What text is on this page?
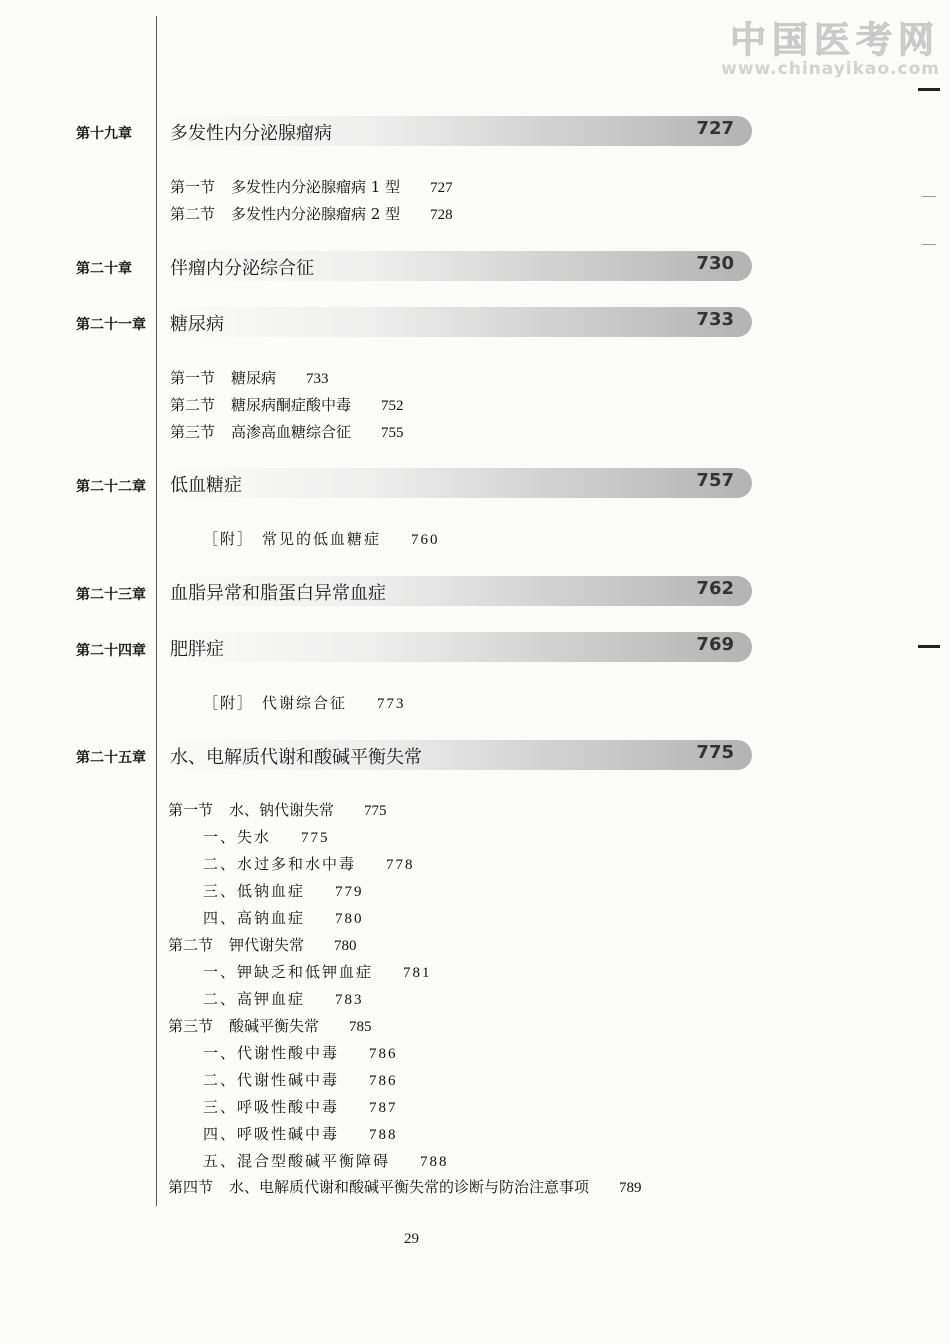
中国医考网
www.chinayikao.com
第十九章 多发性内分泌腺瘤病	727
第一节 多发性内分泌腺瘤病 1 型 727
第二节 多发性内分泌腺瘤病 2 型 728
第二十章 伴瘤内分泌综合征	730
第二十一章 糖尿病	733
第一节 糖尿病 733
第二节 糖尿病酮症酸中毒 752
第三节 高渗高血糖综合征 755
第二十二章 低血糖症	757
［附］ 常见的低血糖症 760
第二十三章 血脂异常和脂蛋白异常血症	762
第二十四章 肥胖症	769
［附］ 代谢综合征 773
第二十五章 水、电解质代谢和酸碱平衡失常	775
第一节 水、钠代谢失常 775
一、失水 775
二、水过多和水中毒 778
三、低钠血症 779
四、高钠血症 780
第二节 钾代谢失常 780
一、钾缺乏和低钾血症 781
二、高钾血症 783
第三节 酸碱平衡失常 785
一、代谢性酸中毒 786
二、代谢性碱中毒 786
三、呼吸性酸中毒 787
四、呼吸性碱中毒 788
五、混合型酸碱平衡障碍 788
第四节 水、电解质代谢和酸碱平衡失常的诊断与防治注意事项 789
29
